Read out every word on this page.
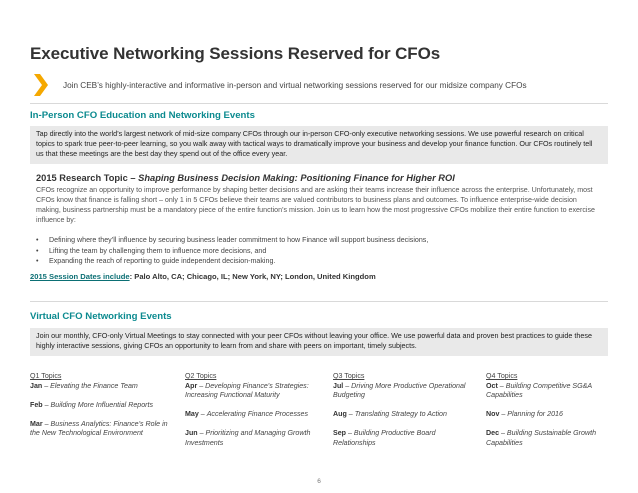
Executive Networking Sessions Reserved for CFOs
Join CEB’s highly-interactive and informative in-person and virtual networking sessions reserved for our midsize company CFOs
In-Person CFO Education and Networking Events
Tap directly into the world’s largest network of mid-size company CFOs through our in-person CFO-only executive networking sessions. We use powerful research on critical topics to spark true peer-to-peer learning, so you walk away with tactical ways to dramatically improve your business and develop your finance function. Our CFOs routinely tell us that these meetings are the best day they spend out of the office every year.
2015 Research Topic – Shaping Business Decision Making: Positioning Finance for Higher ROI
CFOs recognize an opportunity to improve performance by shaping better decisions and are asking their teams increase their influence across the enterprise. Unfortunately, most CFOs know that finance is falling short – only 1 in 5 CFOs believe their teams are valued contributors to business plans and outcomes. To influence enterprise-wide decision making, business partnership must be a mandatory piece of the entire function’s mission. Join us to learn how the most progressive CFOs mobilize their entire function to exercise influence by:
• Defining where they’ll influence by securing business leader commitment to how Finance will support business decisions,
• Lifting the team by challenging them to influence more decisions, and
• Expanding the reach of reporting to guide independent decision-making.
2015 Session Dates include: Palo Alto, CA; Chicago, IL; New York, NY; London, United Kingdom
Virtual CFO Networking Events
Join our monthly, CFO-only Virtual Meetings to stay connected with your peer CFOs without leaving your office. We use powerful data and proven best practices to guide these highly interactive sessions, giving CFOs an opportunity to learn from and share with peers on important, timely subjects.
Q1 Topics
Jan – Elevating the Finance Team
Feb – Building More Influential Reports
Mar – Business Analytics: Finance’s Role in the New Technological Environment
Q2 Topics
Apr – Developing Finance’s Strategies: Increasing Functional Maturity
May – Accelerating Finance Processes
Jun – Prioritizing and Managing Growth Investments
Q3 Topics
Jul – Driving More Productive Operational Budgeting
Aug – Translating Strategy to Action
Sep – Building Productive Board Relationships
Q4 Topics
Oct – Building Competitive SG&A Capabilities
Nov – Planning for 2016
Dec – Building Sustainable Growth Capabilities
6
